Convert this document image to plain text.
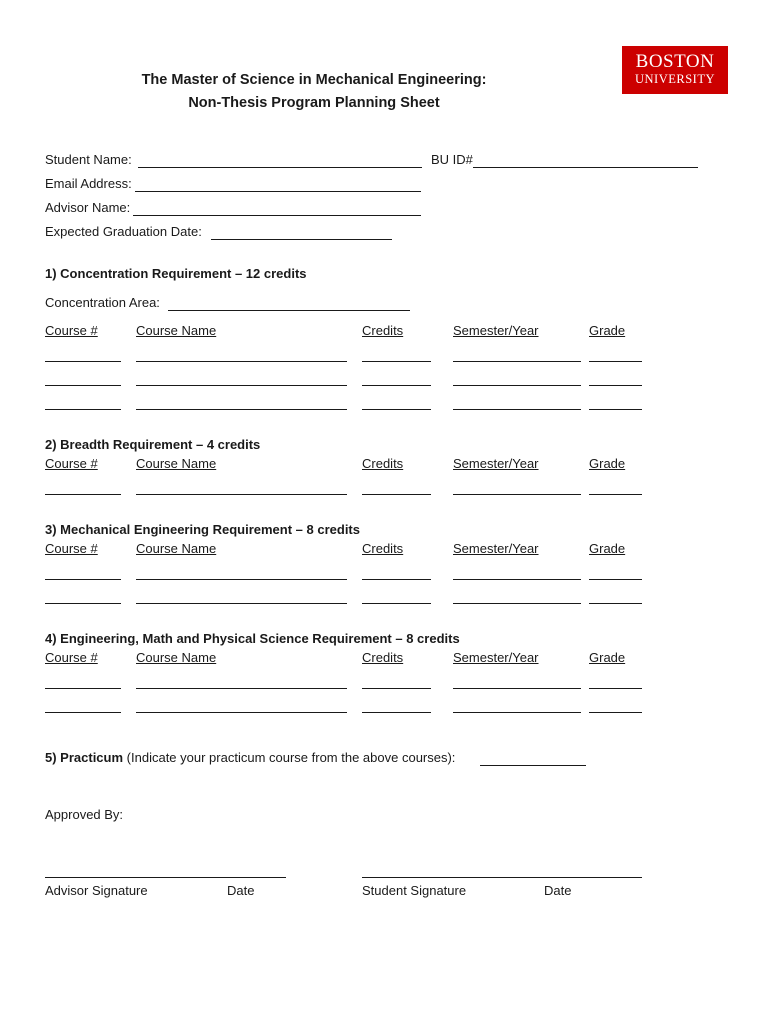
BOSTON
UNIVERSITY
The Master of Science in Mechanical Engineering:
Non-Thesis Program Planning Sheet
Student Name:	BU ID#
Email Address:
Advisor Name:
Expected Graduation Date:
1) Concentration Requirement – 12 credits
Concentration Area:
Course #	Course Name	Credits	Semester/Year	Grade
2) Breadth Requirement – 4 credits
Course #	Course Name	Credits	Semester/Year	Grade
3) Mechanical Engineering Requirement – 8 credits
Course #	Course Name	Credits	Semester/Year	Grade
4) Engineering, Math and Physical Science Requirement – 8 credits
Course #	Course Name	Credits	Semester/Year	Grade
5) Practicum (Indicate your practicum course from the above courses):
Approved By:
Advisor Signature	Date	Student Signature	Date
